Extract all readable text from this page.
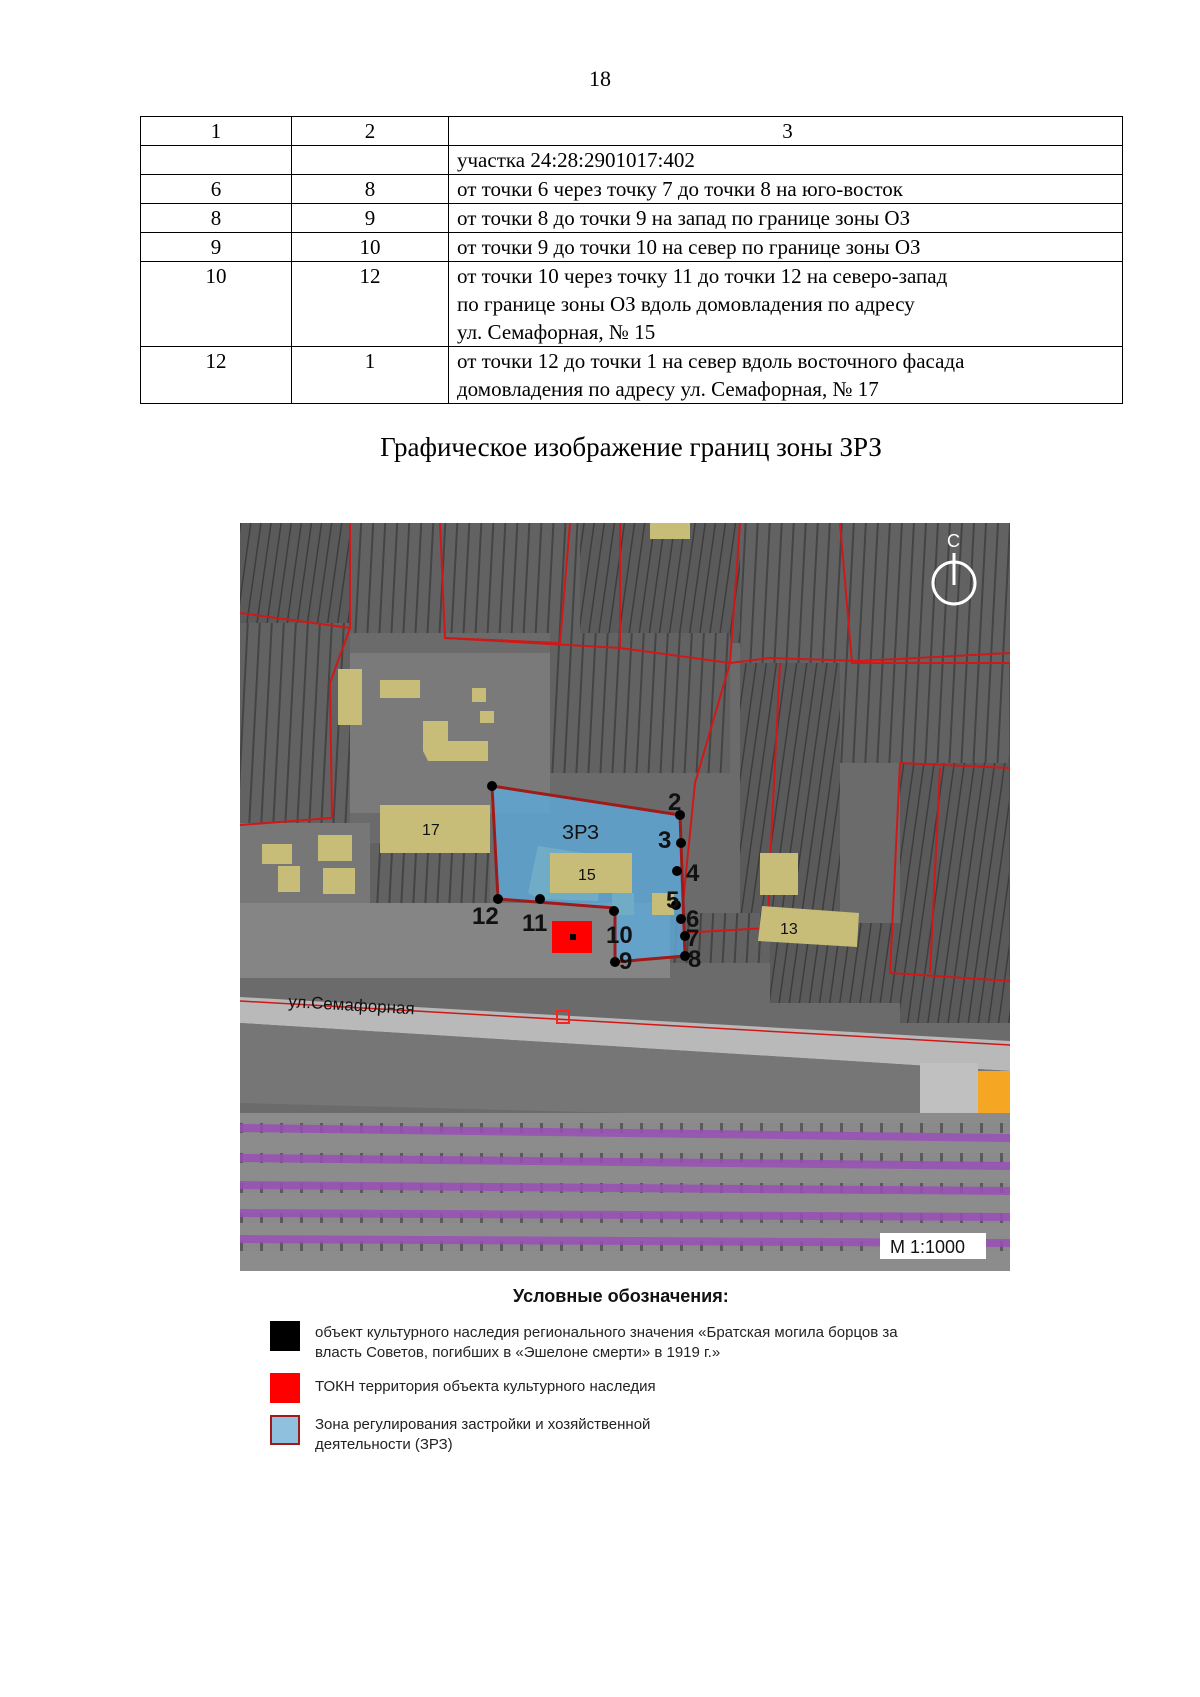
18
1	2	3

		участка 24:28:2901017:402

6	8	от точки 6 через точку 7 до точки 8 на юго-восток

8	9	от точки 8 до точки 9 на запад по границе зоны ОЗ

9	10	от точки 9 до точки 10 на север по границе зоны ОЗ

10	12	от точки 10 через точку 11 до точки 12 на северо-запад
по границе зоны ОЗ вдоль домовладения по адресу
ул. Семафорная, № 15

12	1	от точки 12 до точки 1 на север вдоль восточного фасада
домовладения по адресу ул. Семафорная, № 17
Графическое изображение границ зоны ЗРЗ
2
3
4
5
6
7
8
9
10
11
12
ЗРЗ
17
15
13
ул.Семафорная
С
М 1:1000
Условные обозначения:
объект культурного наследия регионального значения «Братская могила борцов за
власть Советов, погибших в «Эшелоне смерти» в 1919 г.»
ТОКН территория объекта культурного наследия
Зона регулирования застройки и хозяйственной
деятельности (ЗРЗ)
